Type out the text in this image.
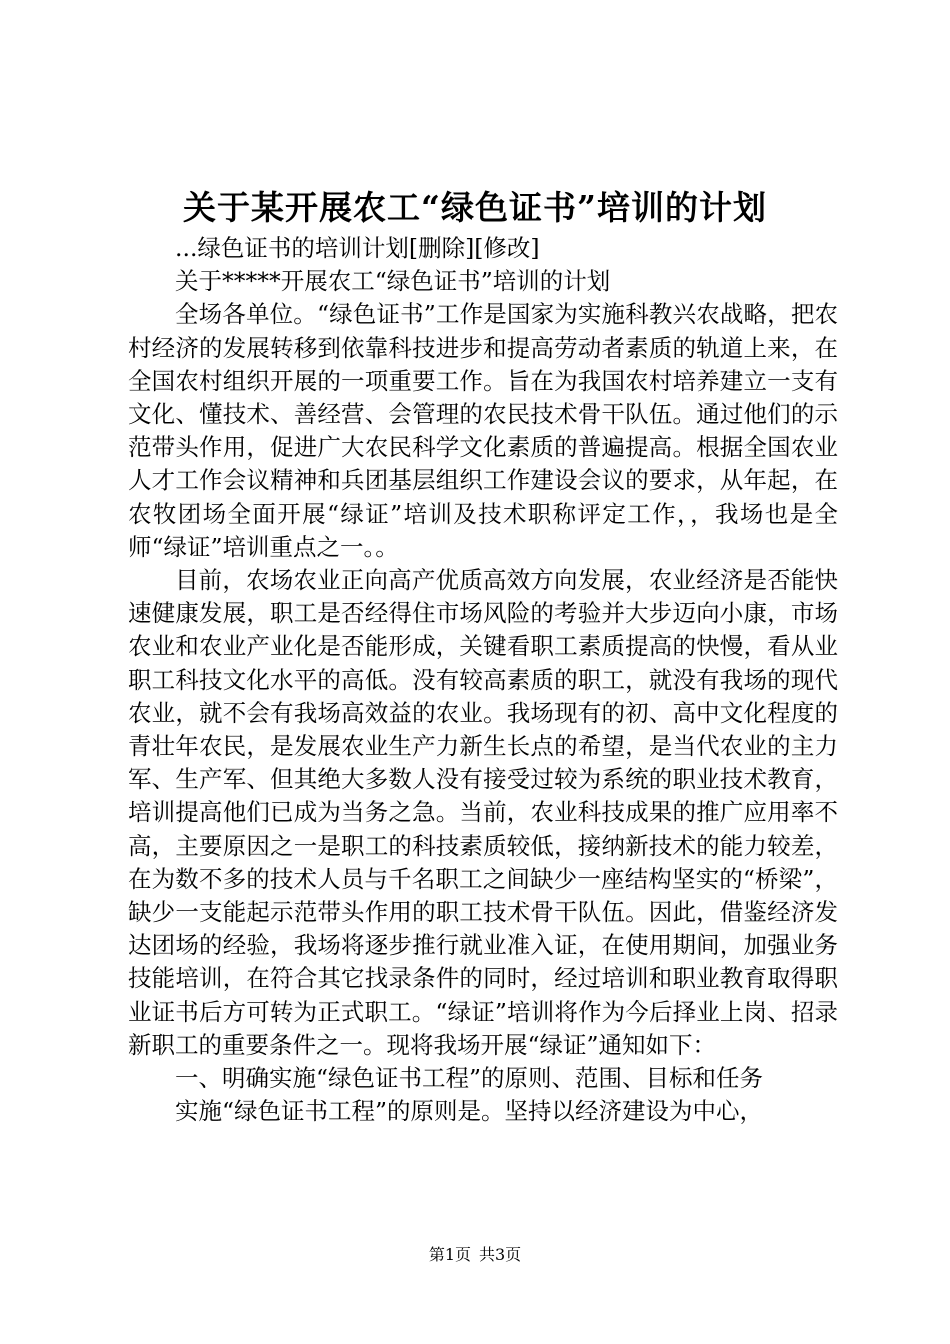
关于某开展农工“绿色证书”培训的计划

...绿色证书的培训计划[删除][修改]

关于*****开展农工“绿色证书”培训的计划

全场各单位。“绿色证书”工作是国家为实施科教兴农战略，把农村经济的发展转移到依靠科技进步和提高劳动者素质的轨道上来，在全国农村组织开展的一项重要工作。旨在为我国农村培养建立一支有文化、懂技术、善经营、会管理的农民技术骨干队伍。通过他们的示范带头作用，促进广大农民科学文化素质的普遍提高。根据全国农业人才工作会议精神和兵团基层组织工作建设会议的要求，从年起，在农牧团场全面开展“绿证”培训及技术职称评定工作，，我场也是全师“绿证”培训重点之一。。

目前，农场农业正向高产优质高效方向发展，农业经济是否能快速健康发展，职工是否经得住市场风险的考验并大步迈向小康，市场农业和农业产业化是否能形成，关键看职工素质提高的快慢，看从业职工科技文化水平的高低。没有较高素质的职工，就没有我场的现代农业，就不会有我场高效益的农业。我场现有的初、高中文化程度的青壮年农民，是发展农业生产力新生长点的希望，是当代农业的主力军、生产军、但其绝大多数人没有接受过较为系统的职业技术教育，培训提高他们已成为当务之急。当前，农业科技成果的推广应用率不高，主要原因之一是职工的科技素质较低，接纳新技术的能力较差，在为数不多的技术人员与千名职工之间缺少一座结构坚实的“桥梁”，缺少一支能起示范带头作用的职工技术骨干队伍。因此，借鉴经济发达团场的经验，我场将逐步推行就业准入证，在使用期间，加强业务技能培训，在符合其它找录条件的同时，经过培训和职业教育取得职业证书后方可转为正式职工。“绿证”培训将作为今后择业上岗、招录新职工的重要条件之一。现将我场开展“绿证”通知如下：

一、明确实施“绿色证书工程”的原则、范围、目标和任务

实施“绿色证书工程”的原则是。坚持以经济建设为中心，

第1页 共3页
